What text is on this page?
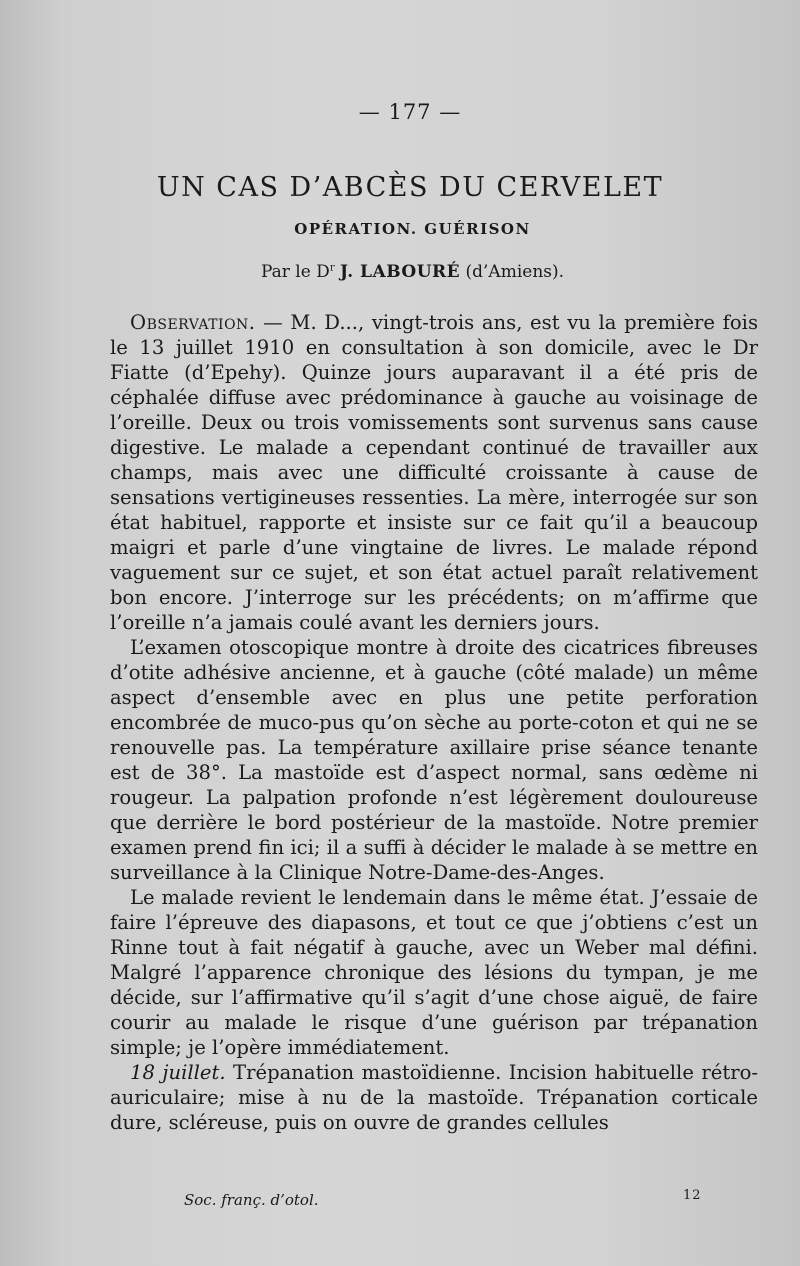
— 177 —
UN CAS D’ABCÈS DU CERVELET
OPÉRATION. GUÉRISON
Par le $D^r$ J. LABOURÉ (d’Amiens).

Observation. — M. D..., vingt-trois ans, est vu la première fois le 13 juillet 1910 en consultation à son domicile, avec le Dr Fiatte (d’Epehy). Quinze jours auparavant il a été pris de céphalée diffuse avec prédominance à gauche au voisinage de l’oreille. Deux ou trois vomissements sont survenus sans cause digestive. Le malade a cependant continué de travailler aux champs, mais avec une difficulté croissante à cause de sensations vertigineuses ressenties. La mère, interrogée sur son état habituel, rapporte et insiste sur ce fait qu’il a beaucoup maigri et parle d’une vingtaine de livres. Le malade répond vaguement sur ce sujet, et son état actuel paraît relativement bon encore. J’interroge sur les précédents; on m’affirme que l’oreille n’a jamais coulé avant les derniers jours.

L’examen otoscopique montre à droite des cicatrices fibreuses d’otite adhésive ancienne, et à gauche (côté malade) un même aspect d’ensemble avec en plus une petite perforation encombrée de muco-pus qu’on sèche au porte-coton et qui ne se renouvelle pas. La température axillaire prise séance tenante est de 38°. La mastoïde est d’aspect normal, sans œdème ni rougeur. La palpation profonde n’est légèrement douloureuse que derrière le bord postérieur de la mastoïde. Notre premier examen prend fin ici; il a suffi à décider le malade à se mettre en surveillance à la Clinique Notre-Dame-des-Anges.

Le malade revient le lendemain dans le même état. J’essaie de faire l’épreuve des diapasons, et tout ce que j’obtiens c’est un Rinne tout à fait négatif à gauche, avec un Weber mal défini. Malgré l’apparence chronique des lésions du tympan, je me décide, sur l’affirmative qu’il s’agit d’une chose aiguë, de faire courir au malade le risque d’une guérison par trépanation simple; je l’opère immédiatement.

18 juillet. Trépanation mastoïdienne. Incision habituelle rétro-auriculaire; mise à nu de la mastoïde. Trépanation corticale dure, scléreuse, puis on ouvre de grandes cellules

Soc. franç. d’otol.	12
